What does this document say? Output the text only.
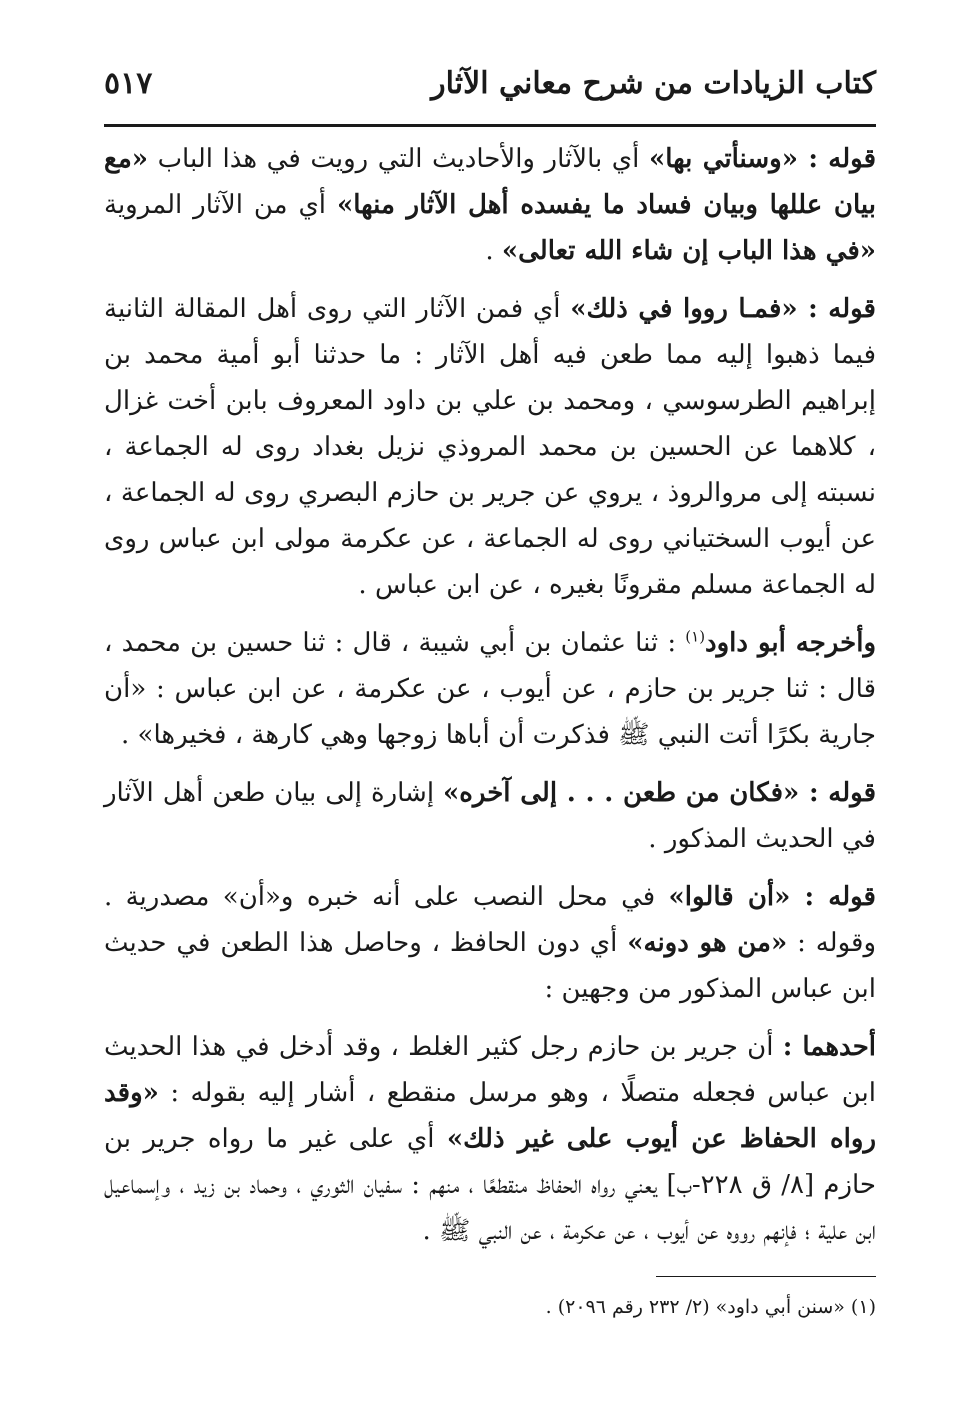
كتاب الزيادات من شرح معاني الآثار
٥١٧

قوله : «وسنأتي بها» أي بالآثار والأحاديث التي رويت في هذا الباب «مع بيان عللها وبيان فساد ما يفسده أهل الآثار منها» أي من الآثار المروية «في هذا الباب إن شاء الله تعالى» .

قوله : «فمـا رووا في ذلك» أي فمن الآثار التي روى أهل المقالة الثانية فيما ذهبوا إليه مما طعن فيه أهل الآثار : ما حدثنا أبو أمية محمد بن إبراهيم الطرسوسي ، ومحمد بن علي بن داود المعروف بابن أخت غزال ، كلاهما عن الحسين بن محمد المروذي نزيل بغداد روى له الجماعة ، نسبته إلى مروالروذ ، يروي عن جرير بن حازم البصري روى له الجماعة ، عن أيوب السختياني روى له الجماعة ، عن عكرمة مولى ابن عباس روى له الجماعة مسلم مقرونًا بغيره ، عن ابن عباس .

وأخرجه أبو داود$^{(١)}$ : ثنا عثمان بن أبي شيبة ، قال : ثنا حسين بن محمد ، قال : ثنا جرير بن حازم ، عن أيوب ، عن عكرمة ، عن ابن عباس : «أن جارية بكرًا أتت النبي ﷺ فذكرت أن أباها زوجها وهي كارهة ، فخيرها» .

قوله : «فكان من طعن . . . إلى آخره» إشارة إلى بيان طعن أهل الآثار في الحديث المذكور .

قوله : «أن قالوا» في محل النصب على أنه خبره و«أن» مصدرية . وقوله : «من هو دونه» أي دون الحافظ ، وحاصل هذا الطعن في حديث ابن عباس المذكور من وجهين :

أحدهما : أن جرير بن حازم رجل كثير الغلط ، وقد أدخل في هذا الحديث ابن عباس فجعله متصلًا ، وهو مرسل منقطع ، أشار إليه بقوله : «وقد رواه الحفاظ عن أيوب على غير ذلك» أي على غير ما رواه جرير بن حازم [٨/ ق ٢٢٨-ب] يعني رواه الحفاظ منقطعًا ، منهم : سفيان الثوري ، وحماد بن زيد ، وإسماعيل ابن علية ؛ فإنهم رووه عن أيوب ، عن عكرمة ، عن النبي ﷺ .

(١) «سنن أبي داود» (٢/ ٢٣٢ رقم ٢٠٩٦) .
